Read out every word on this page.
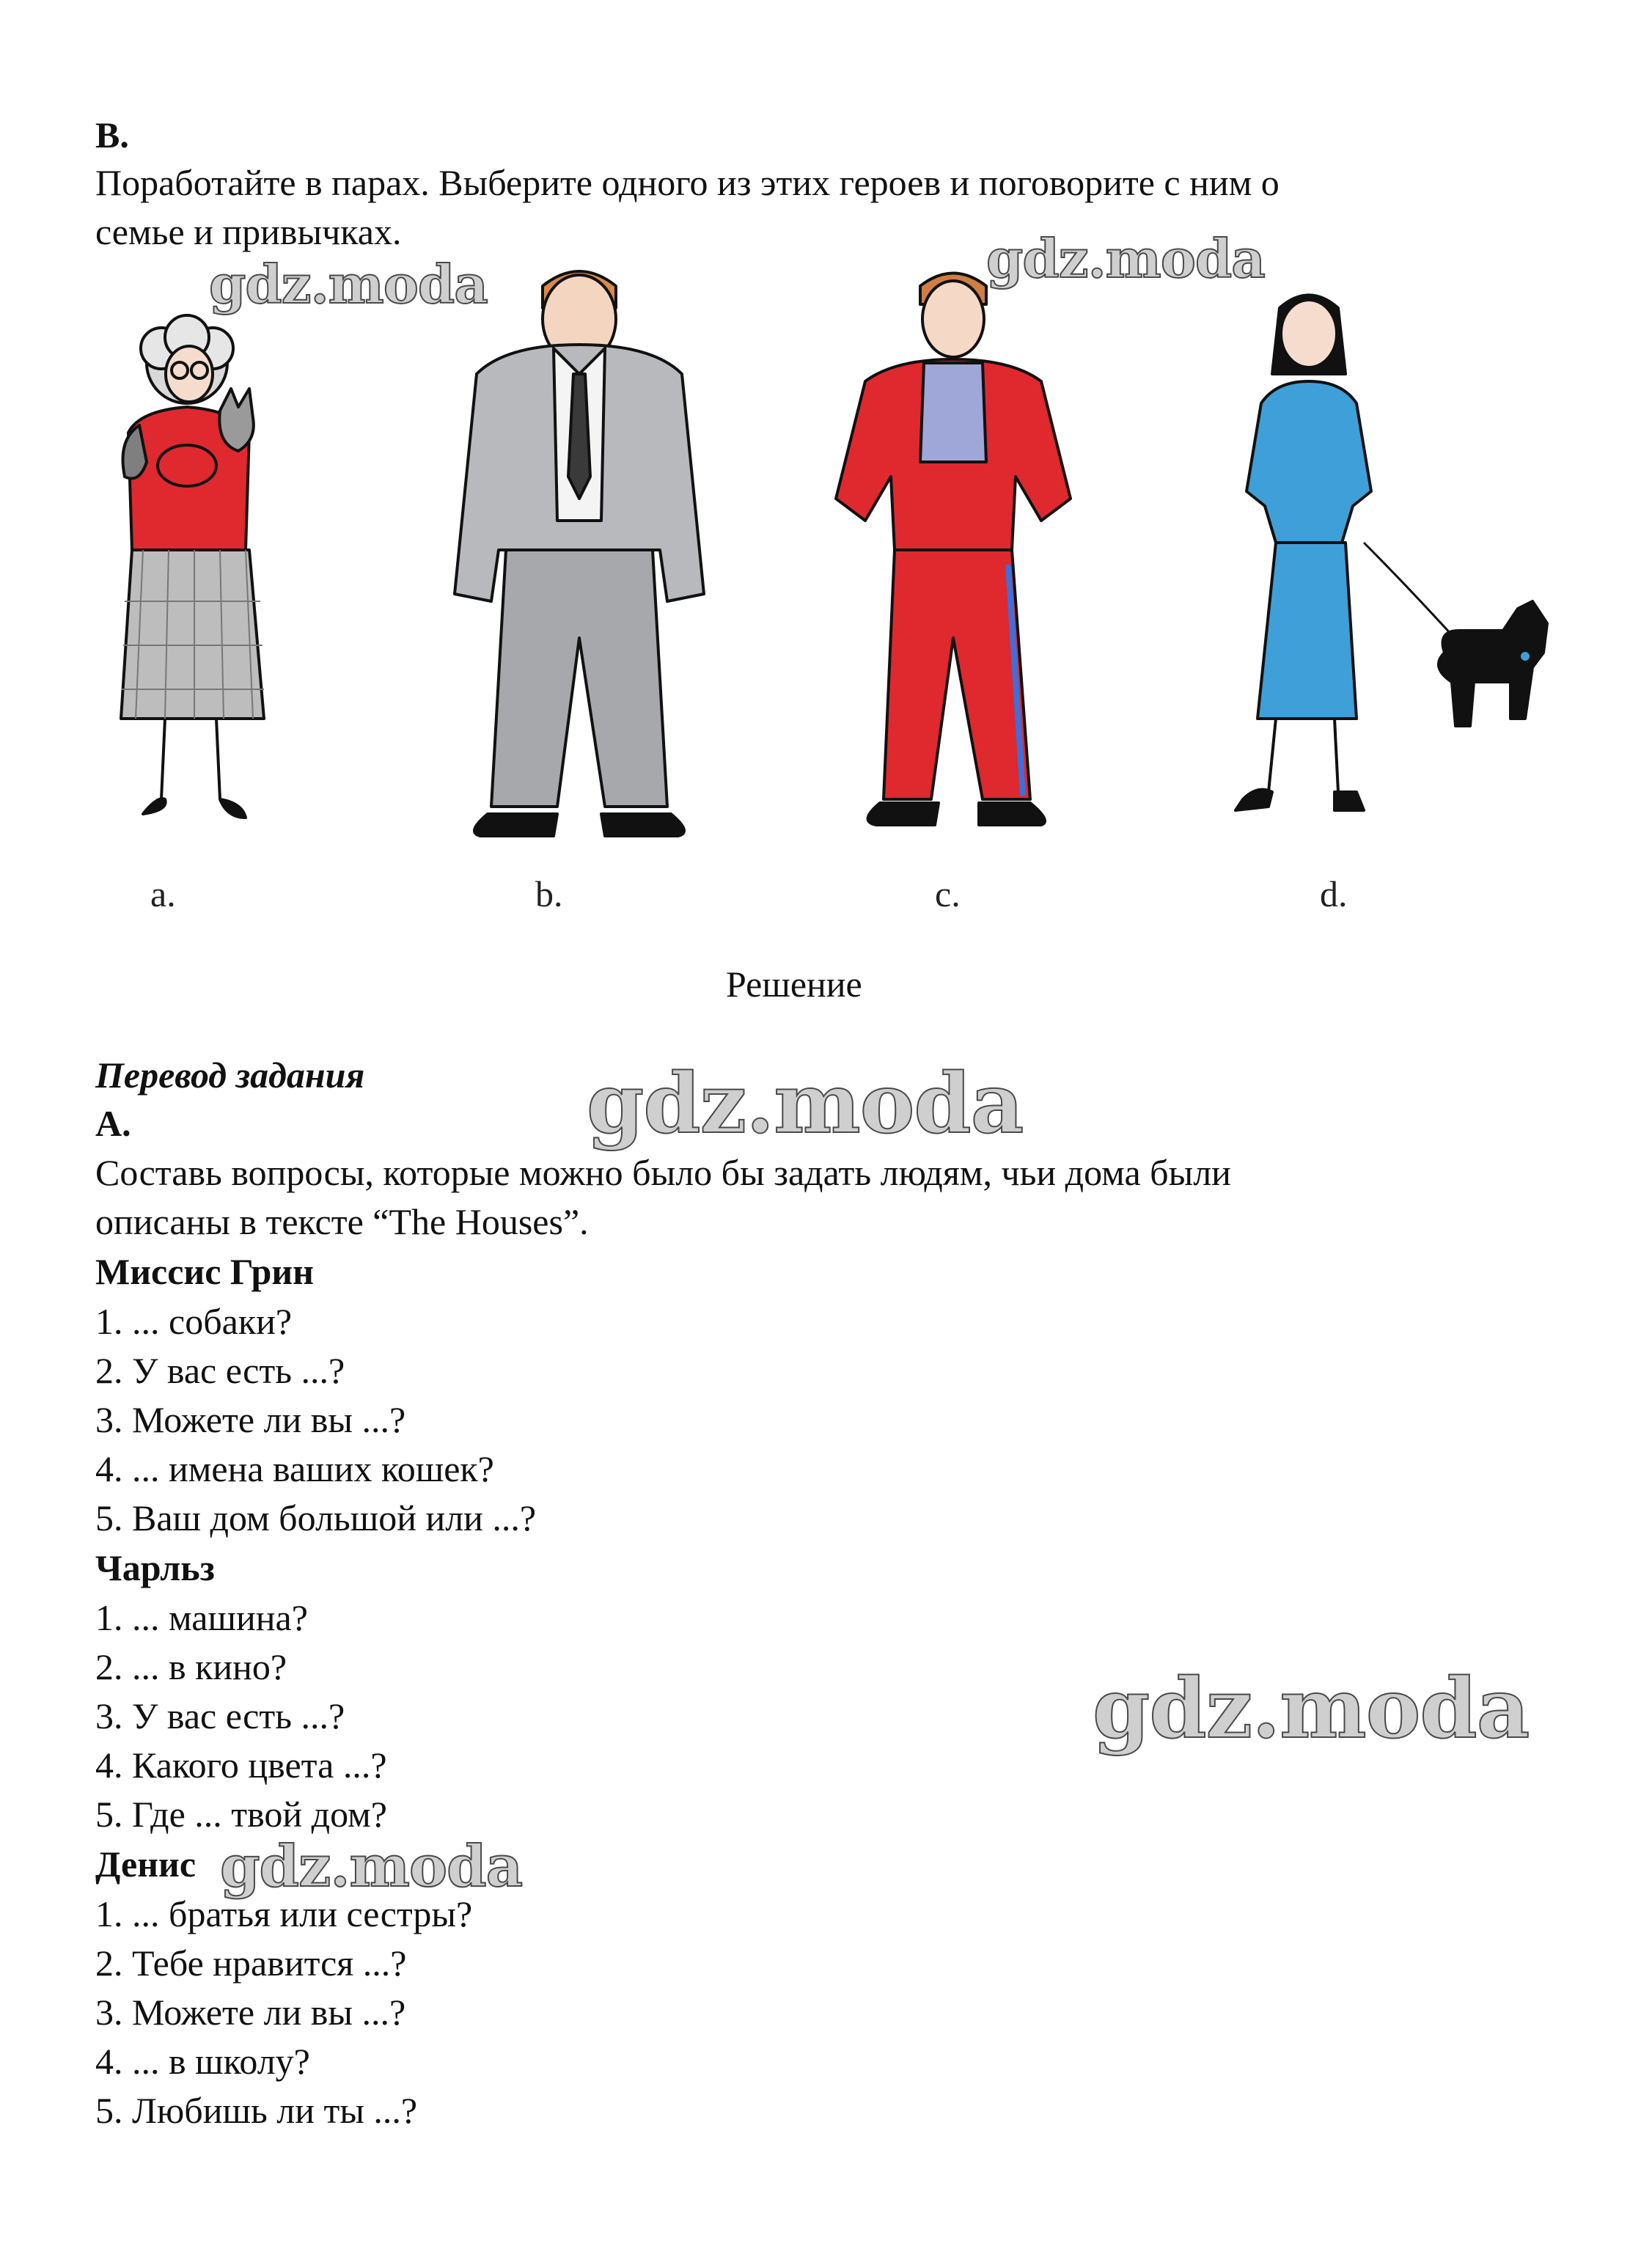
B.
Поработайте в парах. Выберите одного из этих героев и поговорите с ним о
семье и привычках.
a.	b.	c.	d.
Решение
Перевод задания
A.
Составь вопросы, которые можно было бы задать людям, чьи дома были
описаны в тексте “The Houses”.
Миссис Грин
1. ... собаки?
2. У вас есть ...?
3. Можете ли вы ...?
4. ... имена ваших кошек?
5. Ваш дом большой или ...?
Чарльз
1. ... машина?
2. ... в кино?
3. У вас есть ...?
4. Какого цвета ...?
5. Где ... твой дом?
Денис
1. ... братья или сестры?
2. Тебе нравится ...?
3. Можете ли вы ...?
4. ... в школу?
5. Любишь ли ты ...?
gdz.moda	gdz.moda
gdz.moda
gdz.moda
gdz.moda
